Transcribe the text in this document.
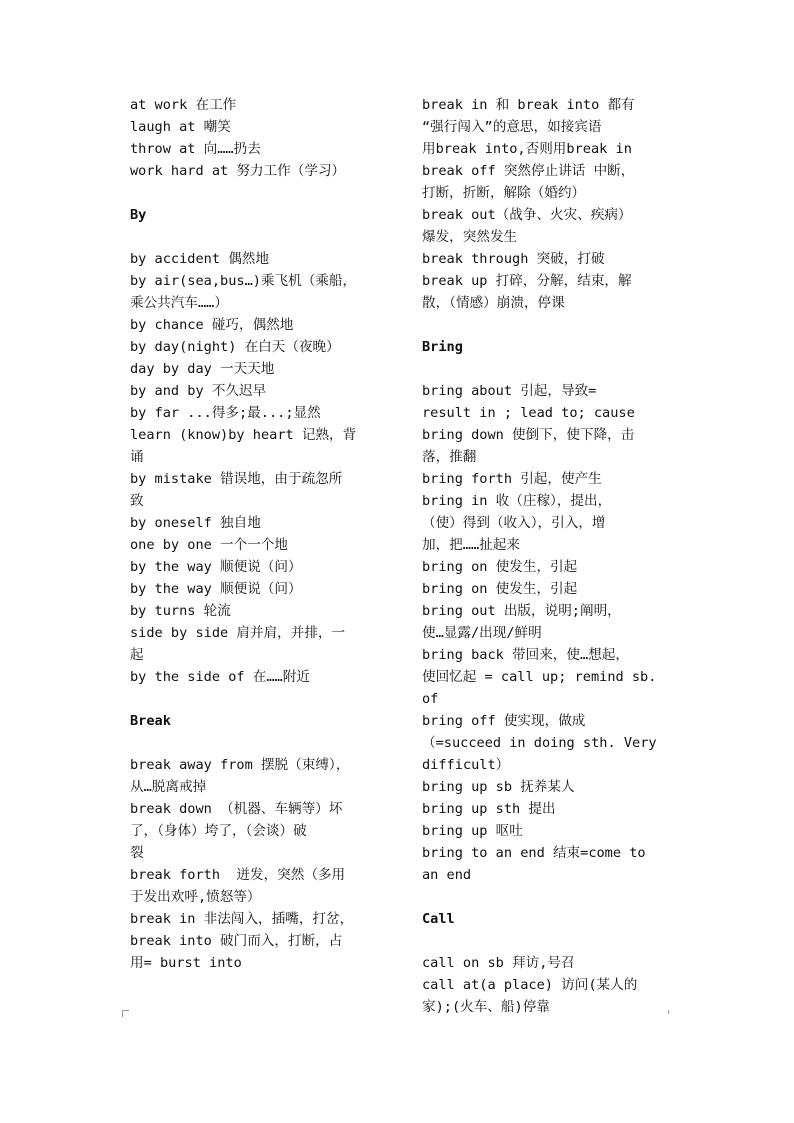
at work 在工作
laugh at 嘲笑
throw at 向……扔去
work hard at 努力工作（学习）
By
by accident 偶然地
by air(sea,bus…)乘飞机（乘船，
乘公共汽车……）
by chance 碰巧，偶然地
by day(night) 在白天（夜晚）
day by day 一天天地
by and by 不久迟早
by far ...得多;最...;显然
learn (know)by heart 记熟，背
诵
by mistake 错误地，由于疏忽所
致
by oneself 独自地
one by one 一个一个地
by the way 顺便说（问）
by the way 顺便说（问）
by turns 轮流
side by side 肩并肩，并排，一
起
by the side of 在……附近
Break
break away from 摆脱（束缚），
从…脱离戒掉
break down （机器、车辆等）坏
了，（身体）垮了，（会谈）破
裂
break forth  迸发，突然（多用
于发出欢呼,愤怒等）
break in 非法闯入，插嘴，打岔，
break into 破门而入，打断，占
用= burst into
break in 和 break into 都有
“强行闯入”的意思，如接宾语
用break into,否则用break in
break off 突然停止讲话 中断，
打断，折断，解除（婚约）
break out（战争、火灾、疾病）
爆发，突然发生
break through 突破，打破
break up 打碎，分解，结束，解
散，（情感）崩溃，停课
Bring
bring about 引起，导致=
result in ; lead to; cause
bring down 使倒下，使下降，击
落，推翻
bring forth 引起，使产生
bring in 收（庄稼），提出，
（使）得到（收入），引入，增
加，把……扯起来
bring on 使发生，引起
bring on 使发生，引起
bring out 出版，说明;阐明，
使…显露/出现/鲜明
bring back 带回来，使…想起，
使回忆起 = call up; remind sb.
of
bring off 使实现，做成
（=succeed in doing sth. Very
difficult）
bring up sb 抚养某人
bring up sth 提出
bring up 呕吐
bring to an end 结束=come to
an end
Call
call on sb 拜访,号召
call at(a place) 访问(某人的
家);(火车、船)停靠
